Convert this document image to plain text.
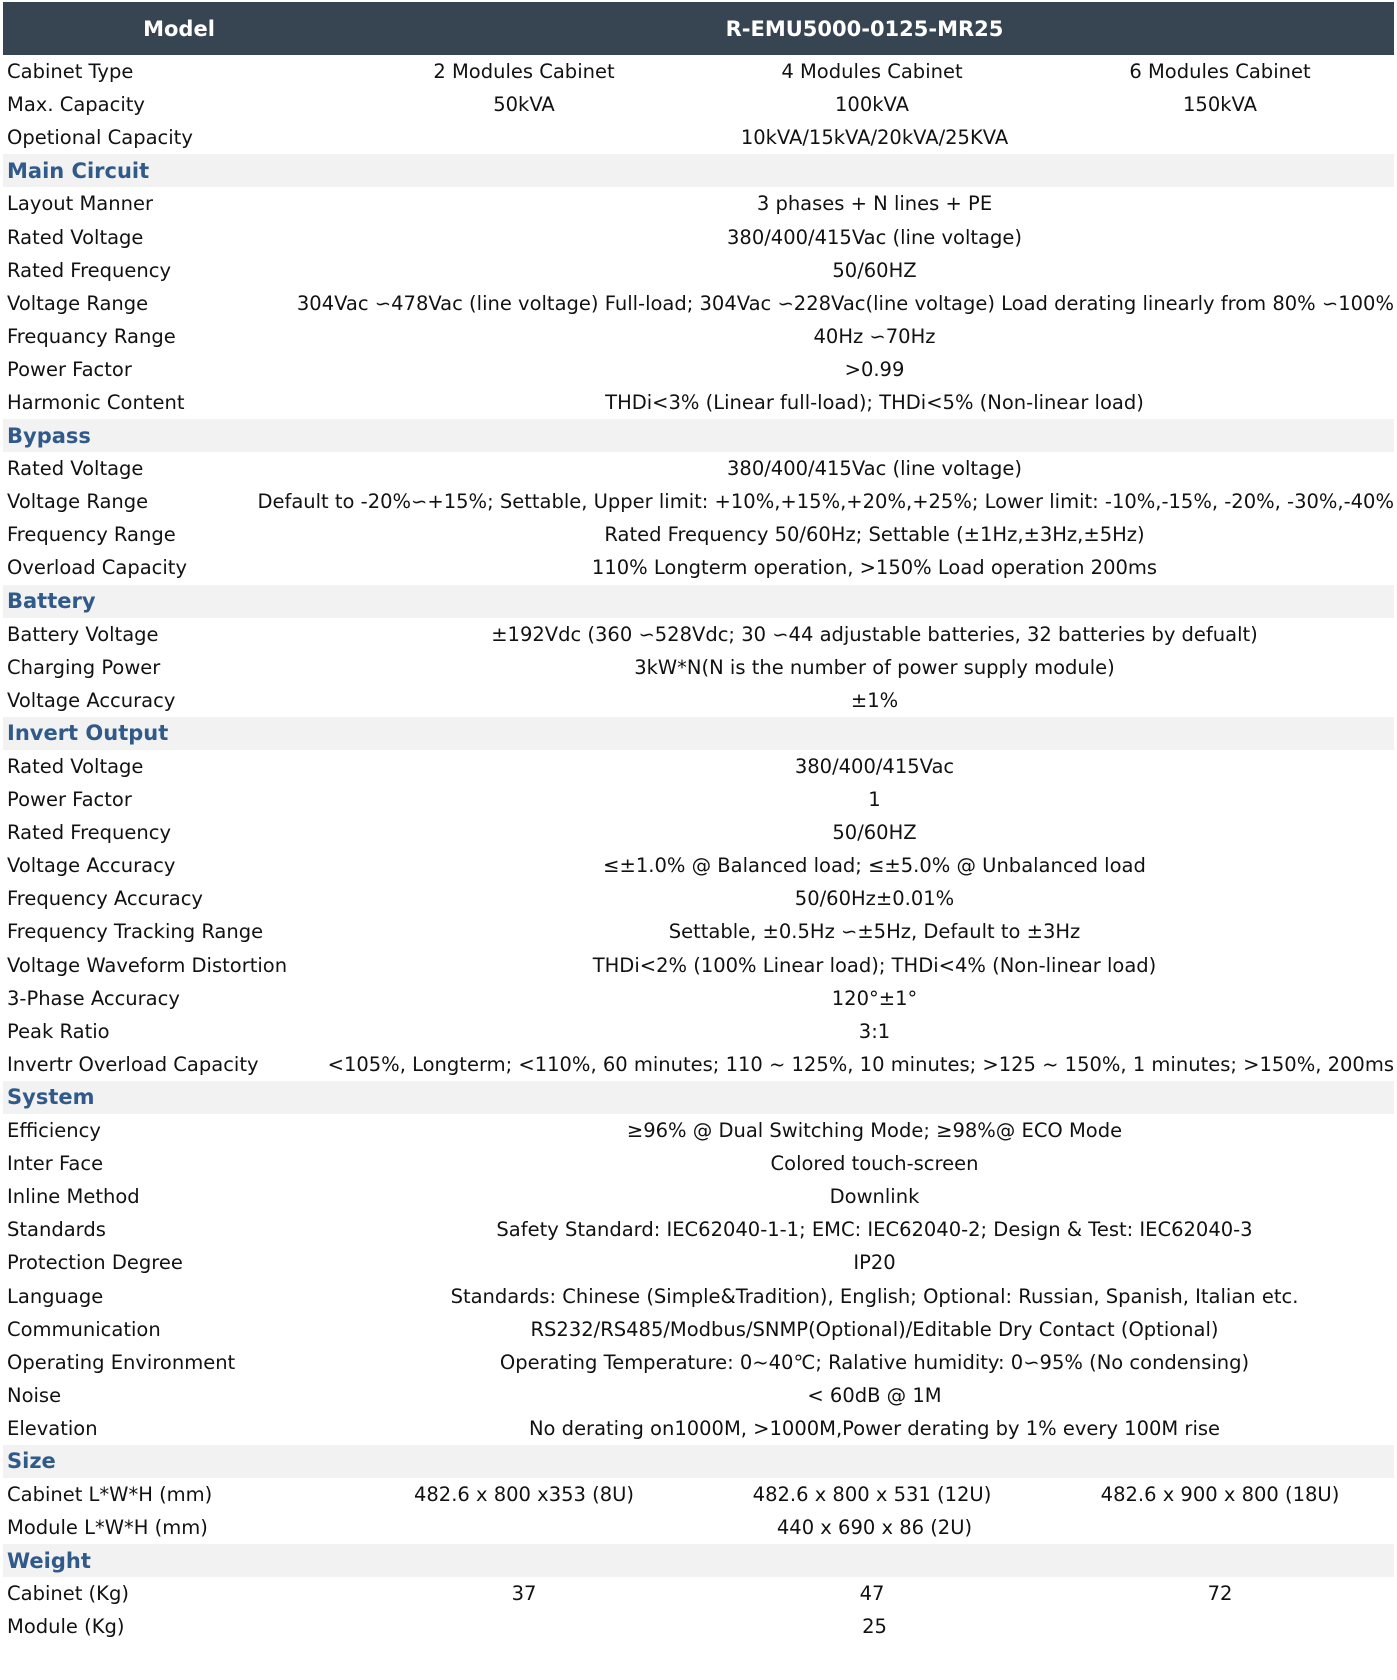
Model	R-EMU5000-0125-MR25
Cabinet Type	2 Modules Cabinet	4 Modules Cabinet	6 Modules Cabinet
Max. Capacity	50kVA	100kVA	150kVA
Opetional Capacity	10kVA/15kVA/20kVA/25KVA
Main Circuit
Layout Manner	3 phases + N lines + PE
Rated Voltage	380/400/415Vac (line voltage)
Rated Frequency	50/60HZ
Voltage Range	304Vac ∽478Vac (line voltage) Full-load; 304Vac ∽228Vac(line voltage) Load derating linearly from 80% ∽100%
Frequancy Range	40Hz ∽70Hz
Power Factor	>0.99
Harmonic Content	THDi<3% (Linear full-load); THDi<5% (Non-linear load)
Bypass
Rated Voltage	380/400/415Vac (line voltage)
Voltage Range	Default to -20%∽+15%; Settable, Upper limit: +10%,+15%,+20%,+25%; Lower limit: -10%,-15%, -20%, -30%,-40%
Frequency Range	Rated Frequency 50/60Hz; Settable (±1Hz,±3Hz,±5Hz)
Overload Capacity	110% Longterm operation, >150% Load operation 200ms
Battery
Battery Voltage	±192Vdc (360 ∽528Vdc; 30 ∽44 adjustable batteries, 32 batteries by defualt)
Charging Power	3kW*N(N is the number of power supply module)
Voltage Accuracy	±1%
Invert Output
Rated Voltage	380/400/415Vac
Power Factor	1
Rated Frequency	50/60HZ
Voltage Accuracy	≤±1.0% @ Balanced load; ≤±5.0% @ Unbalanced load
Frequency Accuracy	50/60Hz±0.01%
Frequency Tracking Range	Settable, ±0.5Hz ∽±5Hz, Default to ±3Hz
Voltage Waveform Distortion	THDi<2% (100% Linear load); THDi<4% (Non-linear load)
3-Phase Accuracy	120°±1°
Peak Ratio	3:1
Invertr Overload Capacity	<105%, Longterm; <110%, 60 minutes; 110 ~ 125%, 10 minutes; >125 ~ 150%, 1 minutes; >150%, 200ms
System
Efficiency	≥96% @ Dual Switching Mode; ≥98%@ ECO Mode
Inter Face	Colored touch-screen
Inline Method	Downlink
Standards	Safety Standard: IEC62040-1-1; EMC: IEC62040-2; Design & Test: IEC62040-3
Protection Degree	IP20
Language	Standards: Chinese (Simple&Tradition), English; Optional: Russian, Spanish, Italian etc.
Communication	RS232/RS485/Modbus/SNMP(Optional)/Editable Dry Contact (Optional)
Operating Environment	Operating Temperature: 0~40℃; Ralative humidity: 0∽95% (No condensing)
Noise	< 60dB @ 1M
Elevation	No derating on1000M, >1000M,Power derating by 1% every 100M rise
Size
Cabinet L*W*H (mm)	482.6 x 800 x353 (8U)	482.6 x 800 x 531 (12U)	482.6 x 900 x 800 (18U)
Module L*W*H (mm)	440 x 690 x 86 (2U)
Weight
Cabinet (Kg)	37	47	72
Module (Kg)	25
